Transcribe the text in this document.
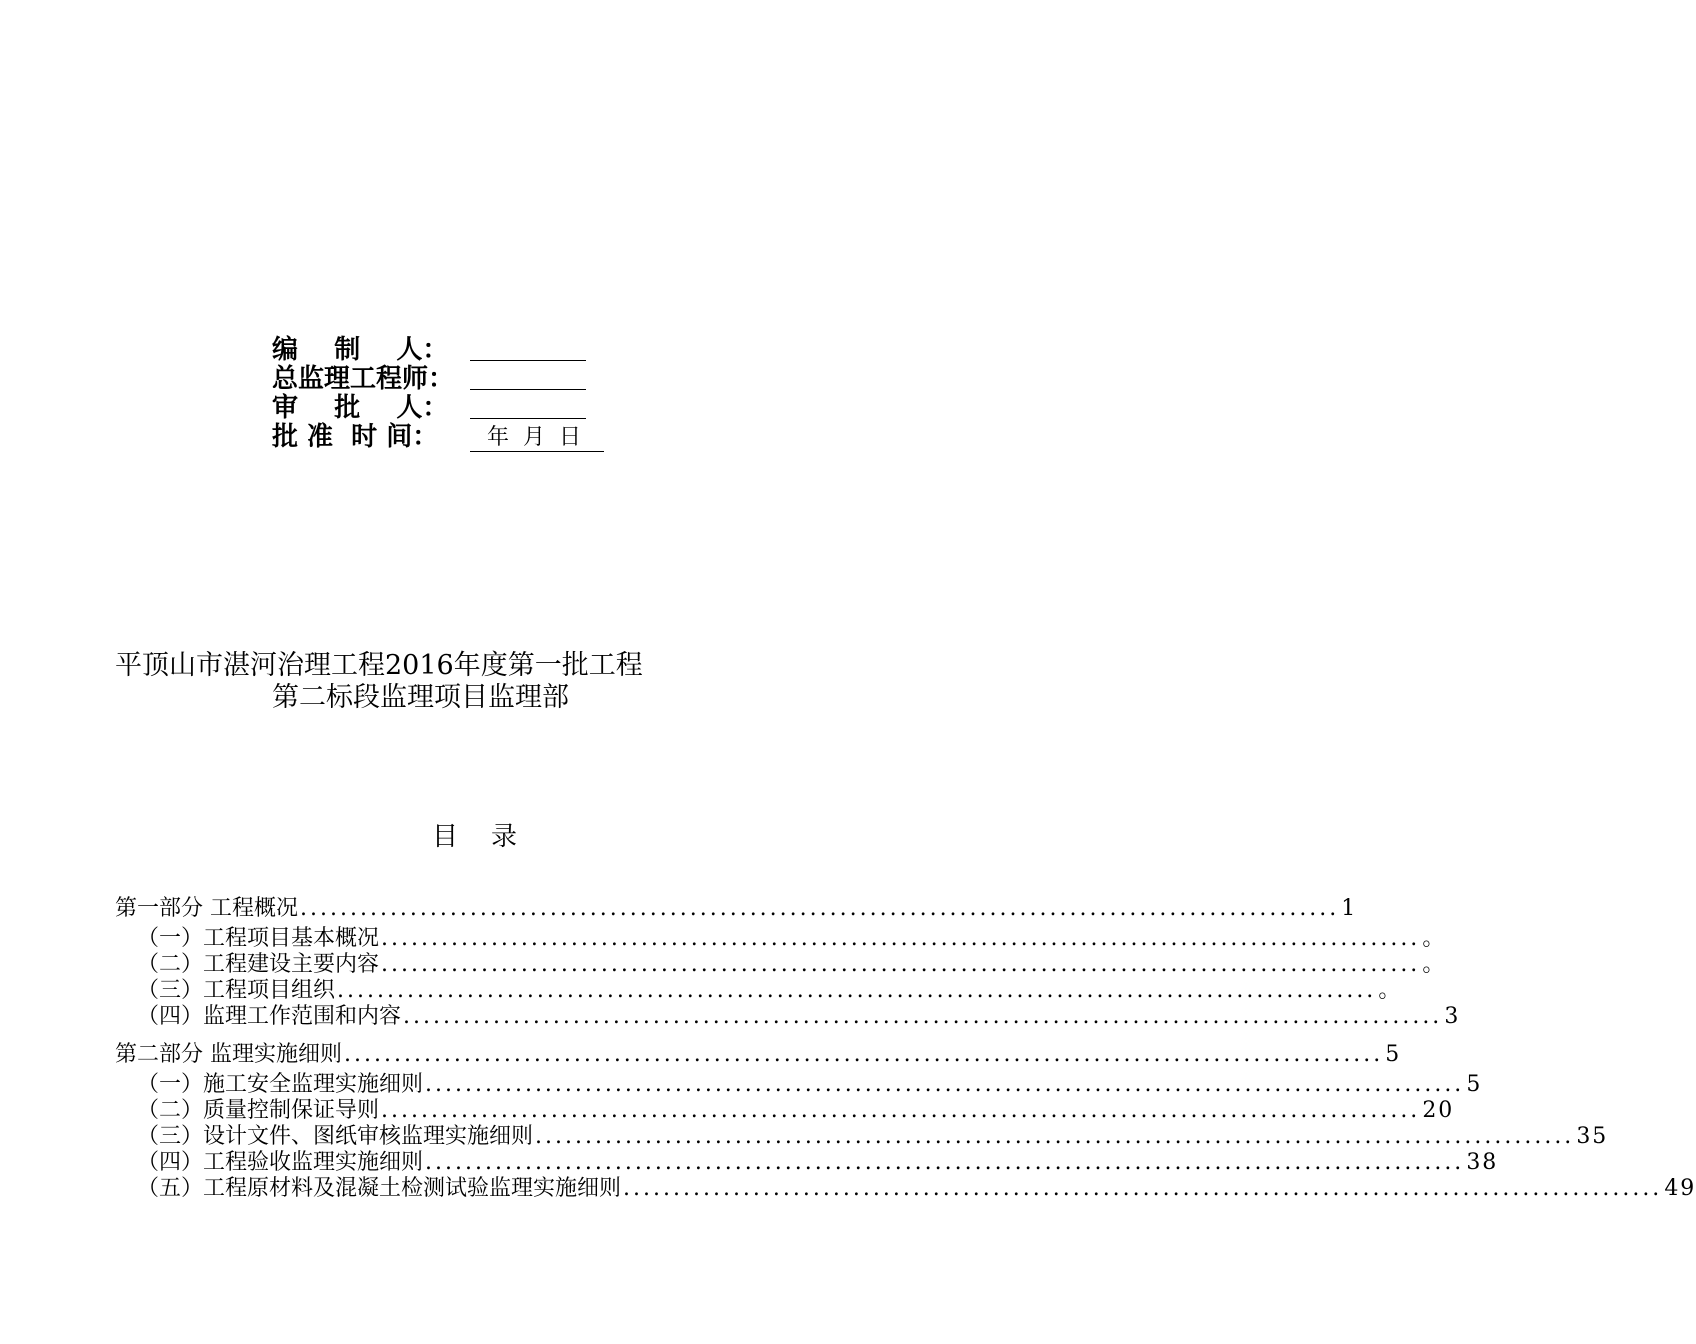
编    制    人：
总监理工程师：
审    批    人：
批 准  时 间：	年  月  日
平顶山市湛河治理工程2016年度第一批工程
第二标段监理项目监理部
目    录
第一部分 工程概况 ........................................................................................................ 1
（一）工程项目基本概况 ........................................................................................................ 。
（二）工程建设主要内容 ........................................................................................................ 。
（三）工程项目组织 ........................................................................................................ 。
（四）监理工作范围和内容 ........................................................................................................ 3
第二部分 监理实施细则 ........................................................................................................ 5
（一）施工安全监理实施细则 ........................................................................................................ 5
（二）质量控制保证导则 ........................................................................................................ 20
（三）设计文件、图纸审核监理实施细则 ........................................................................................................ 35
（四）工程验收监理实施细则 ........................................................................................................ 38
（五）工程原材料及混凝土检测试验监理实施细则 ........................................................................................................ 49
